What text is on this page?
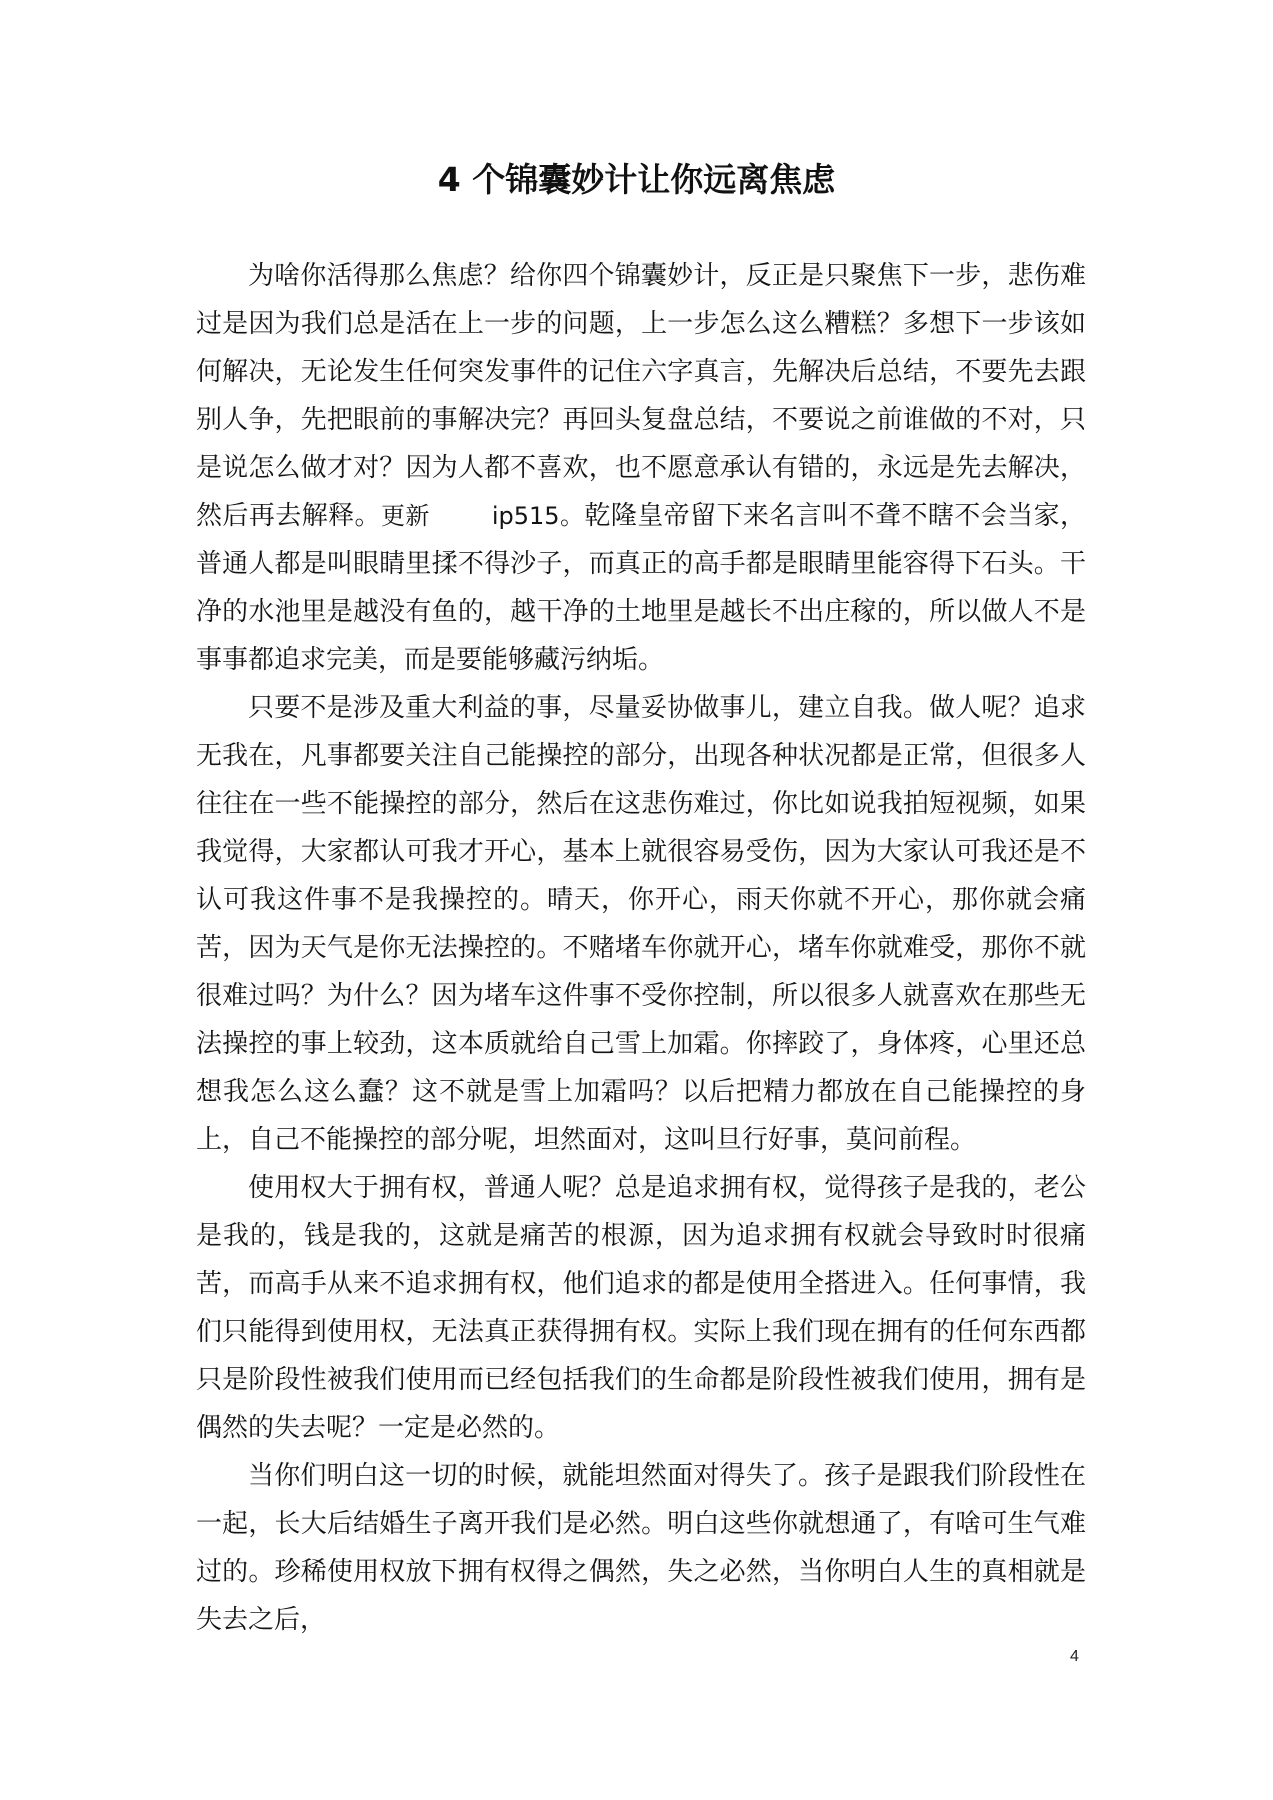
4 个锦囊妙计让你远离焦虑

为啥你活得那么焦虑？给你四个锦囊妙计，反正是只聚焦下一步，悲伤难过是因为我们总是活在上一步的问题，上一步怎么这么糟糕？多想下一步该如何解决，无论发生任何突发事件的记住六字真言，先解决后总结，不要先去跟别人争，先把眼前的事解决完？再回头复盘总结，不要说之前谁做的不对，只是说怎么做才对？因为人都不喜欢，也不愿意承认有错的，永远是先去解决，然后再去解释。更新	ip515。乾隆皇帝留下来名言叫不聋不瞎不会当家，普通人都是叫眼睛里揉不得沙子，而真正的高手都是眼睛里能容得下石头。干净的水池里是越没有鱼的，越干净的土地里是越长不出庄稼的，所以做人不是事事都追求完美，而是要能够藏污纳垢。

只要不是涉及重大利益的事，尽量妥协做事儿，建立自我。做人呢？追求无我在，凡事都要关注自己能操控的部分，出现各种状况都是正常，但很多人往往在一些不能操控的部分，然后在这悲伤难过，你比如说我拍短视频，如果我觉得，大家都认可我才开心，基本上就很容易受伤，因为大家认可我还是不认可我这件事不是我操控的。晴天，你开心，雨天你就不开心，那你就会痛苦，因为天气是你无法操控的。不赌堵车你就开心，堵车你就难受，那你不就很难过吗？为什么？因为堵车这件事不受你控制，所以很多人就喜欢在那些无法操控的事上较劲，这本质就给自己雪上加霜。你摔跤了，身体疼，心里还总想我怎么这么蠢？这不就是雪上加霜吗？以后把精力都放在自己能操控的身上，自己不能操控的部分呢，坦然面对，这叫旦行好事，莫问前程。

使用权大于拥有权，普通人呢？总是追求拥有权，觉得孩子是我的，老公是我的，钱是我的，这就是痛苦的根源，因为追求拥有权就会导致时时很痛苦，而高手从来不追求拥有权，他们追求的都是使用全搭进入。任何事情，我们只能得到使用权，无法真正获得拥有权。实际上我们现在拥有的任何东西都只是阶段性被我们使用而已经包括我们的生命都是阶段性被我们使用，拥有是偶然的失去呢？一定是必然的。

当你们明白这一切的时候，就能坦然面对得失了。孩子是跟我们阶段性在一起，长大后结婚生子离开我们是必然。明白这些你就想通了，有啥可生气难过的。珍稀使用权放下拥有权得之偶然，失之必然，当你明白人生的真相就是失去之后，

4
